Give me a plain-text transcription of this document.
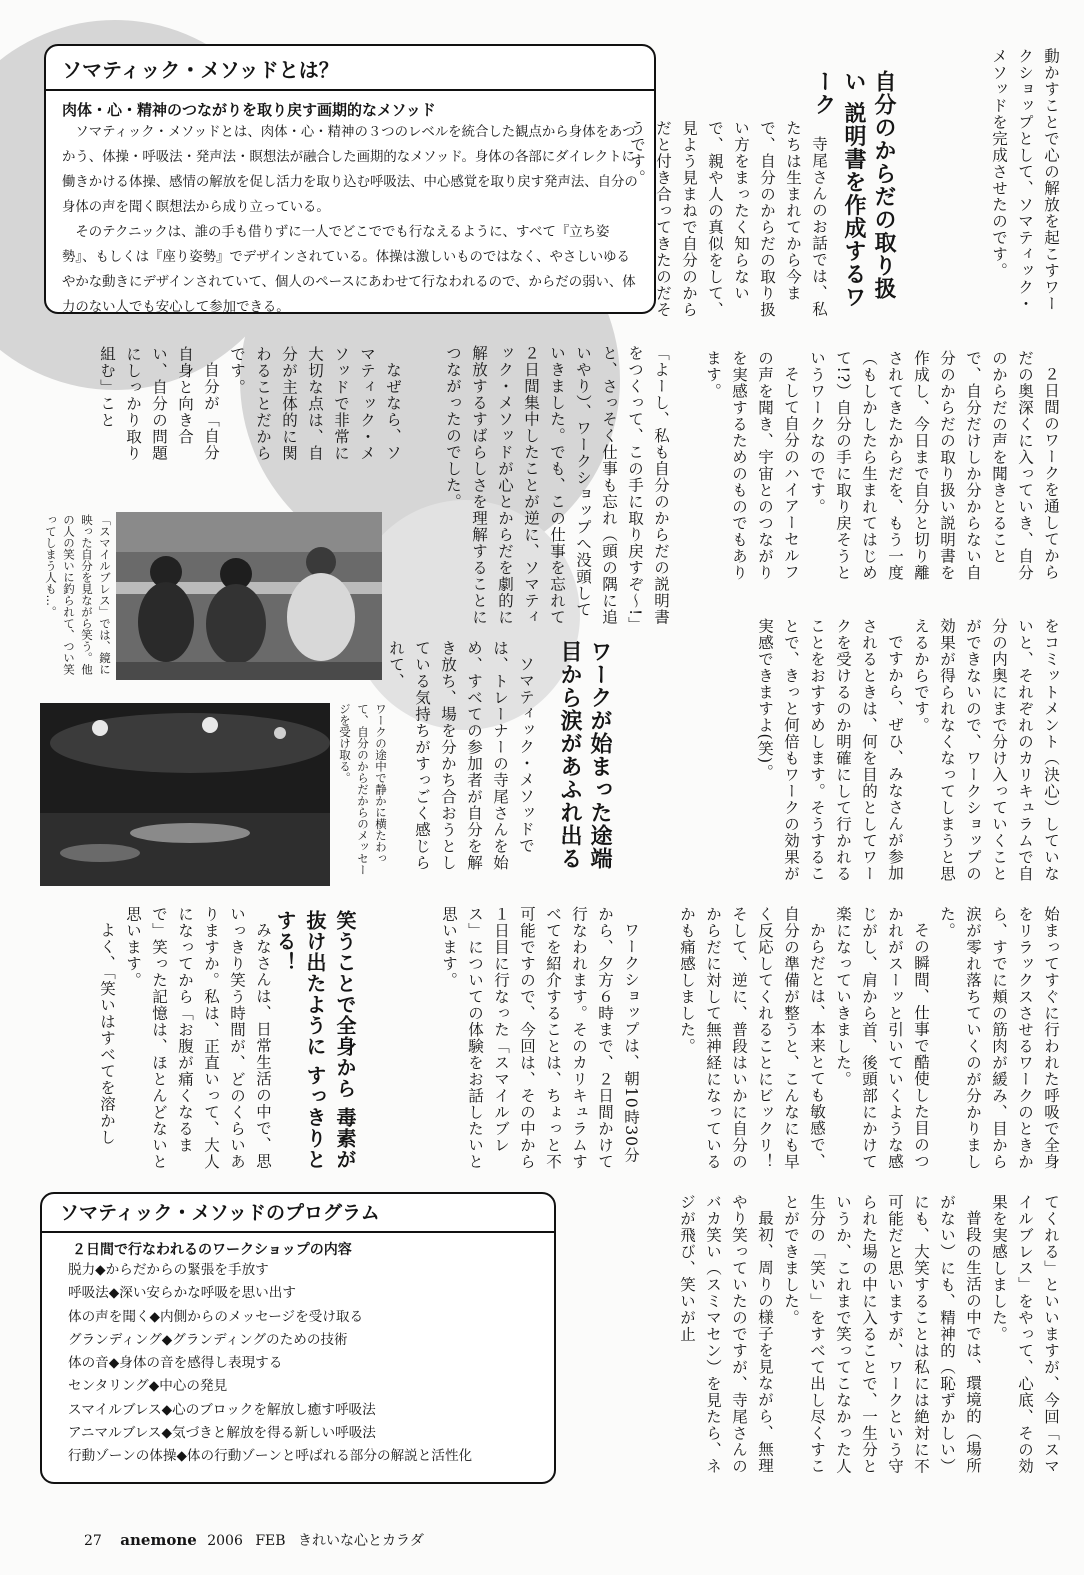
ソマティック・メソッドとは？
肉体・心・精神のつながりを取り戻す画期的なメソッド

ソマティック・メソッドとは、肉体・心・精神の３つのレベルを統合した観点から身体をあつかう、体操・呼吸法・発声法・瞑想法が融合した画期的なメソッド。身体の各部にダイレクトに働きかける体操、感情の解放を促し活力を取り込む呼吸法、中心感覚を取り戻す発声法、自分の身体の声を聞く瞑想法から成り立っている。

そのテクニックは、誰の手も借りずに一人でどこででも行なえるように、すべて『立ち姿勢』、もしくは『座り姿勢』でデザインされている。体操は激しいものではなく、やさしいゆるやかな動きにデザインされていて、個人のペースにあわせて行なわれるので、からだの弱い、体力のない人でも安心して参加できる。	動かすことで心の解放を起こすワークショップとして、ソマティック・メソッドを完成させたのです。

自分のからだの取り扱い 説明書を作成するワーク

寺尾さんのお話では、私たちは生まれてから今まで、自分のからだの取り扱い方をまったく知らないで、親や人の真似をして、見よう見まねで自分のからだと付き合ってきたのだそうです。

２日間のワークを通してからだの奥深くに入っていき、自分のからだの声を聞きとることで、自分だけしか分からない自分のからだの取り扱い説明書を作成し、今日まで自分と切り離されてきたからだを、もう一度（もしかしたら生まれてはじめて!?）自分の手に取り戻そうというワークなのです。

そして自分のハイアーセルフの声を聞き、宇宙とのつながりを実感するためのものでもあります。

をコミットメント（決心）していないと、それぞれのカリキュラムで自分の内奥にまで分け入っていくことができないので、ワークショップの効果が得られなくなってしまうと思えるからです。

ですから、ぜひ、みなさんが参加されるときは、何を目的としてワークを受けるのか明確にして行かれることをおすすめします。そうすることで、きっと何倍もワークの効果が実感できますよ(笑)。

「よーし、私も自分のからだの説明書をつくって、この手に取り戻すぞ〜!」と、さっそく仕事も忘れ（頭の隅に追いやり）、ワークショップへ没頭していきました。でも、この仕事を忘れて２日間集中したことが逆に、ソマティック・メソッドが心とからだを劇的に解放するすばらしさを理解することにつながったのでした。

なぜなら、ソマティック・メソッドで非常に大切な点は、自分が主体的に関わることだからです。

自分が「自分自身と向き合い、自分の問題にしっかり取り組む」こと

ワークが始まった途端 目から涙があふれ出る

ソマティック・メソッドでは、トレーナーの寺尾さんを始め、すべての参加者が自分を解き放ち、場を分かち合おうとしている気持ちがすっごく感じられて、

「スマイルブレス」では、鏡に映った自分を見ながら笑う。他の人の笑いに釣られて、つい笑ってしまう人も…。
ワークの途中で静かに横たわって、自分のからだからのメッセージを受け取る。

始まってすぐに行われた呼吸で全身をリラックスさせるワークのときから、すでに頬の筋肉が緩み、目から涙が零れ落ちていくのが分かりました。

その瞬間、仕事で酷使した目のつかれがスーッと引いていくような感じがし、肩から首、後頭部にかけて楽になっていきました。

からだとは、本来とても敏感で、自分の準備が整うと、こんなにも早く反応してくれることにビックリ！そして、逆に、普段はいかに自分のからだに対して無神経になっているかも痛感しました。

ワークショップは、朝10時30分から、夕方６時まで、２日間かけて行なわれます。そのカリキュラムすべてを紹介することは、ちょっと不可能ですので、今回は、その中から１日目に行なった「スマイルブレス」についての体験をお話したいと思います。

笑うことで全身から 毒素が抜け出たように すっきりとする！

みなさんは、日常生活の中で、思いっきり笑う時間が、どのくらいありますか。私は、正直いって、大人になってから「お腹が痛くなるまで」笑った記憶は、ほとんどないと思います。

よく、「笑いはすべてを溶かし

てくれる」といいますが、今回「スマイルブレス」をやって、心底、その効果を実感しました。

普段の生活の中では、環境的（場所がない）にも、精神的（恥ずかしい）にも、大笑することは私には絶対に不可能だと思いますが、ワークという守られた場の中に入ることで、一生分というか、これまで笑ってこなかった人生分の「笑い」をすべて出し尽くすことができました。

最初、周りの様子を見ながら、無理やり笑っていたのですが、寺尾さんのバカ笑い（スミマセン）を見たら、ネジが飛び、笑いが止

ソマティック・メソッドのプログラム
２日間で行なわれるのワークショップの内容
脱力◆からだからの緊張を手放す
呼吸法◆深い安らかな呼吸を思い出す
体の声を聞く◆内側からのメッセージを受け取る
グランディング◆グランディングのための技術
体の音◆身体の音を感得し表現する
センタリング◆中心の発見
スマイルブレス◆心のブロックを解放し癒す呼吸法
アニマルブレス◆気づきと解放を得る新しい呼吸法
行動ゾーンの体操◆体の行動ゾーンと呼ばれる部分の解説と活性化
27 anemone 2006 FEB きれいな心とカラダ
